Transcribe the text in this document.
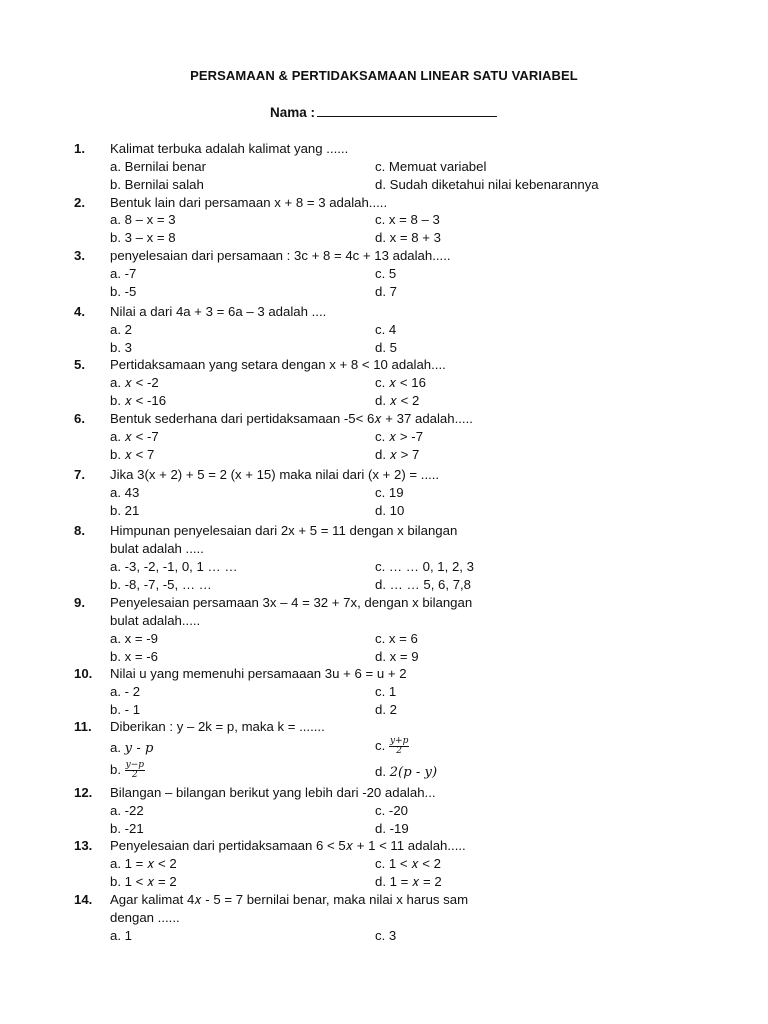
PERSAMAAN & PERTIDAKSAMAAN LINEAR SATU VARIABEL
Nama :
1. Kalimat terbuka adalah kalimat yang ......
a. Bernilai benar	c. Memuat variabel
b. Bernilai salah	d. Sudah diketahui nilai kebenarannya
2. Bentuk lain dari persamaan x + 8 = 3 adalah.....
a. 8 – x = 3	c. x = 8 – 3
b. 3 – x = 8	d. x = 8 + 3
3. penyelesaian dari persamaan : 3c + 8 = 4c + 13 adalah.....
a. -7	c. 5
b. -5	d. 7
4. Nilai a dari 4a + 3 = 6a – 3 adalah ....
a. 2	c. 4
b. 3	d. 5
5. Pertidaksamaan yang setara dengan x + 8 < 10 adalah....
a. 𝑥 < -2	c. 𝑥 < 16
b. 𝑥 < -16	d. 𝑥 < 2
6. Bentuk sederhana dari pertidaksamaan -5< 6𝑥 + 37 adalah.....
a. 𝑥 < -7	c. 𝑥 > -7
b. 𝑥 < 7	d. 𝑥 > 7
7. Jika 3(x + 2) + 5 = 2 (x + 15) maka nilai dari (x + 2) = .....
a. 43	c. 19
b. 21	d. 10
8. Himpunan penyelesaian dari 2x + 5 = 11 dengan x bilangan
bulat adalah .....
a. -3, -2, -1, 0, 1 … …	c. … … 0, 1, 2, 3
b. -8, -7, -5, … …	d. … … 5, 6, 7,8
9. Penyelesaian persamaan 3x – 4 = 32 + 7x, dengan x bilangan
bulat adalah.....
a. x = -9	c. x = 6
b. x = -6	d. x = 9
10. Nilai u yang memenuhi persamaaan 3u + 6 = u + 2
a. - 2	c. 1
b. - 1	d. 2
11. Diberikan : y – 2k = p, maka k = .......
a. 𝑦 - 𝑝	c. $\frac{\text{𝑦+𝑝}}{2}$
b. $\frac{\text{𝑦−𝑝}}{2}$	d. 2(𝑝 - 𝑦)
12. Bilangan – bilangan berikut yang lebih dari -20 adalah...
a. -22	c. -20
b. -21	d. -19
13. Penyelesaian dari pertidaksamaan 6 < 5𝑥 + 1 < 11 adalah.....
a. 1 = 𝑥 < 2	c. 1 < 𝑥 < 2
b. 1 < 𝑥 = 2	d. 1 = 𝑥 = 2
14. Agar kalimat 4𝑥 - 5 = 7 bernilai benar, maka nilai x harus sam
dengan ......
a. 1	c. 3
